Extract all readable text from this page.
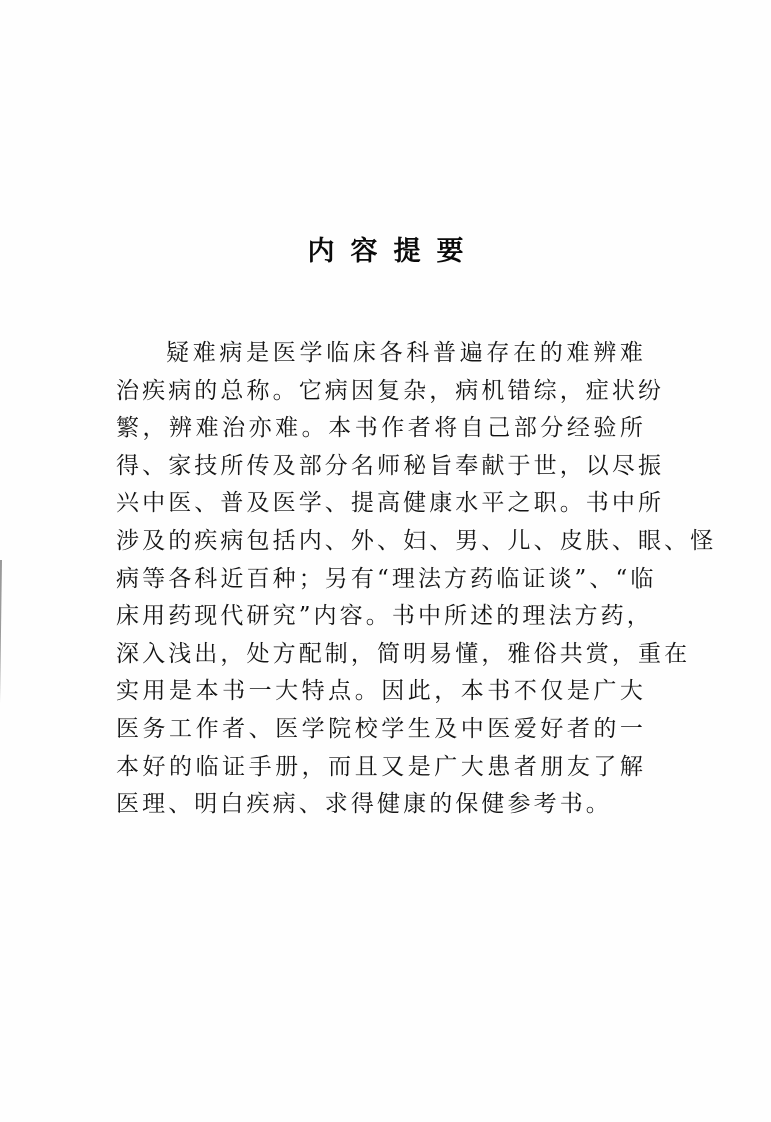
内容提要
疑难病是医学临床各科普遍存在的难辨难
治疾病的总称。它病因复杂，病机错综，症状纷
繁，辨难治亦难。本书作者将自己部分经验所
得、家技所传及部分名师秘旨奉献于世，以尽振
兴中医、普及医学、提高健康水平之职。书中所
涉及的疾病包括内、外、妇、男、儿、皮肤、眼、怪
病等各科近百种；另有“理法方药临证谈”、“临
床用药现代研究”内容。书中所述的理法方药，
深入浅出，处方配制，简明易懂，雅俗共赏，重在
实用是本书一大特点。因此，本书不仅是广大
医务工作者、医学院校学生及中医爱好者的一
本好的临证手册，而且又是广大患者朋友了解
医理、明白疾病、求得健康的保健参考书。
